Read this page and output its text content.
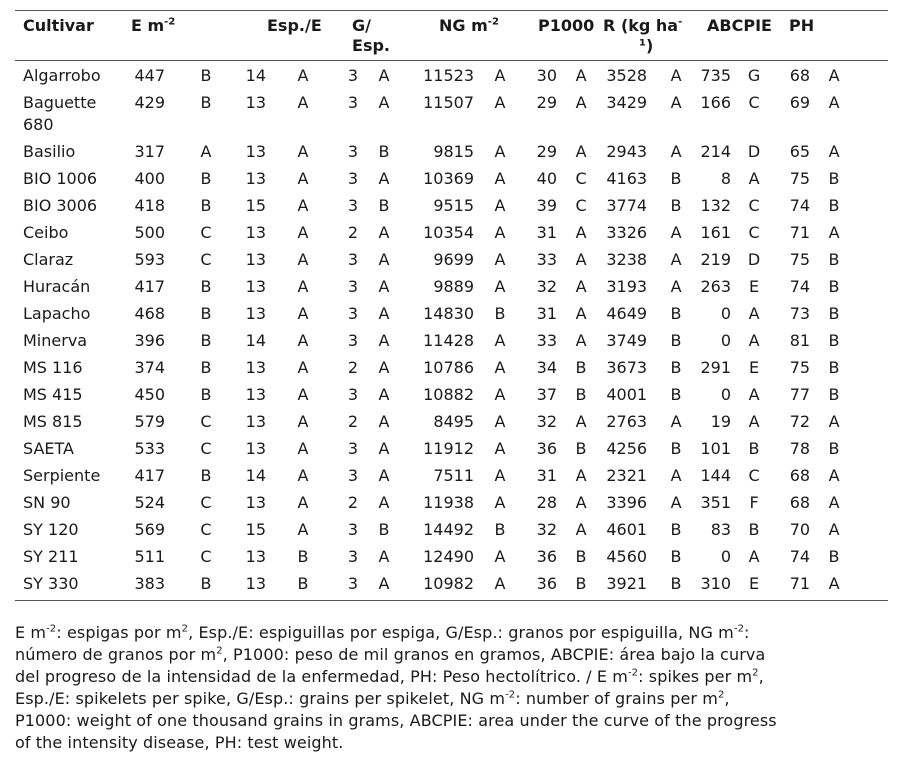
Cultivar	E $m^{-2}$		Esp./E		G/
Esp.		NG $m^{-2}$		P1000		R (kg ha-
¹)		ABCPIE		PH		
Algarrobo	447	B	14	A	3	A	11523	A	30	A	3528	A	735	G	68	A	
Baguette 680	429	B	13	A	3	A	11507	A	29	A	3429	A	166	C	69	A	
Basilio	317	A	13	A	3	B	9815	A	29	A	2943	A	214	D	65	A	
BIO 1006	400	B	13	A	3	A	10369	A	40	C	4163	B	8	A	75	B	
BIO 3006	418	B	15	A	3	B	9515	A	39	C	3774	B	132	C	74	B	
Ceibo	500	C	13	A	2	A	10354	A	31	A	3326	A	161	C	71	A	
Claraz	593	C	13	A	3	A	9699	A	33	A	3238	A	219	D	75	B	
Huracán	417	B	13	A	3	A	9889	A	32	A	3193	A	263	E	74	B	
Lapacho	468	B	13	A	3	A	14830	B	31	A	4649	B	0	A	73	B	
Minerva	396	B	14	A	3	A	11428	A	33	A	3749	B	0	A	81	B	
MS 116	374	B	13	A	2	A	10786	A	34	B	3673	B	291	E	75	B	
MS 415	450	B	13	A	3	A	10882	A	37	B	4001	B	0	A	77	B	
MS 815	579	C	13	A	2	A	8495	A	32	A	2763	A	19	A	72	A	
SAETA	533	C	13	A	3	A	11912	A	36	B	4256	B	101	B	78	B	
Serpiente	417	B	14	A	3	A	7511	A	31	A	2321	A	144	C	68	A	
SN 90	524	C	13	A	2	A	11938	A	28	A	3396	A	351	F	68	A	
SY 120	569	C	15	A	3	B	14492	B	32	A	4601	B	83	B	70	A	
SY 211	511	C	13	B	3	A	12490	A	36	B	4560	B	0	A	74	B	
SY 330	383	B	13	B	3	A	10982	A	36	B	3921	B	310	E	71	A	
E $m^{-2}$: espigas por $m^2$, Esp./E: espiguillas por espiga, G/Esp.: granos por espiguilla, NG $m^{-2}$:
número de granos por $m^2$, P1000: peso de mil granos en gramos, ABCPIE: área bajo la curva
del progreso de la intensidad de la enfermedad, PH: Peso hectolítrico. / E $m^{-2}$: spikes per $m^2$,
Esp./E: spikelets per spike, G/Esp.: grains per spikelet, NG $m^{-2}$: number of grains per $m^2$,
P1000: weight of one thousand grains in grams, ABCPIE: area under the curve of the progress
of the intensity disease, PH: test weight.
